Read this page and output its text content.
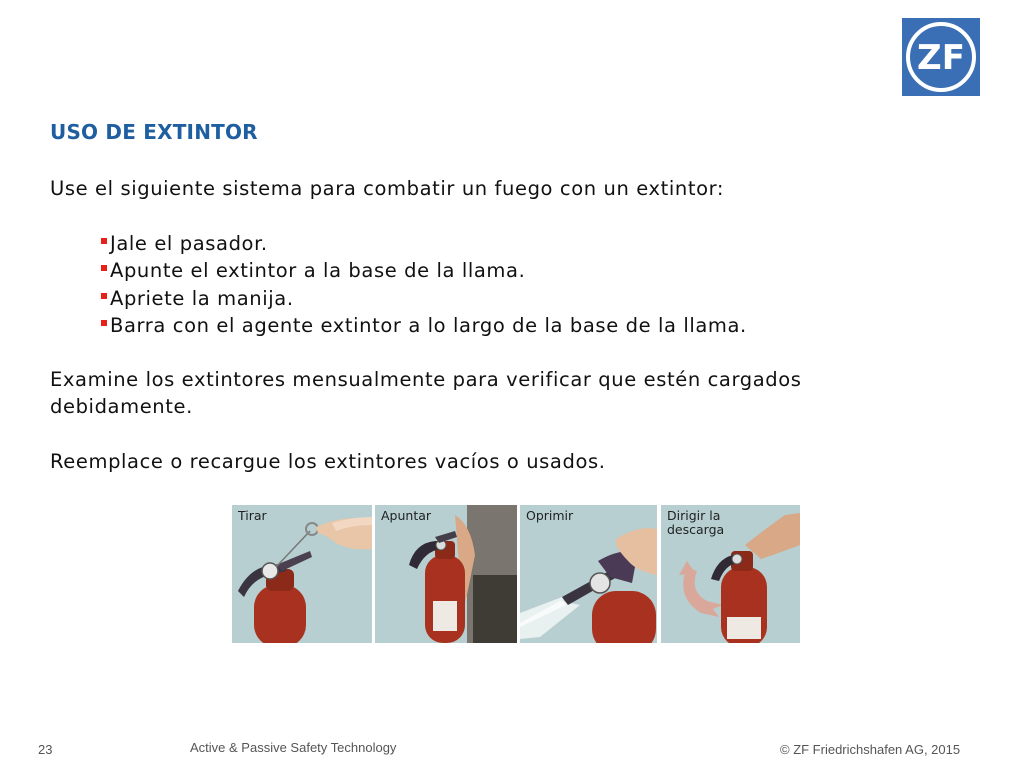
ZF
USO DE EXTINTOR
Use el siguiente sistema para combatir un fuego con un extintor:
Jale el pasador.
Apunte el extintor a la base de la llama.
Apriete la manija.
Barra con el agente extintor a lo largo de la base de la llama.
Examine los extintores mensualmente para verificar que estén cargados
debidamente.
Reemplace o recargue los extintores vacíos o usados.
Tirar	Apuntar	Oprimir	Dirigir la
descarga
23	Active & Passive Safety Technology	© ZF Friedrichshafen AG, 2015
